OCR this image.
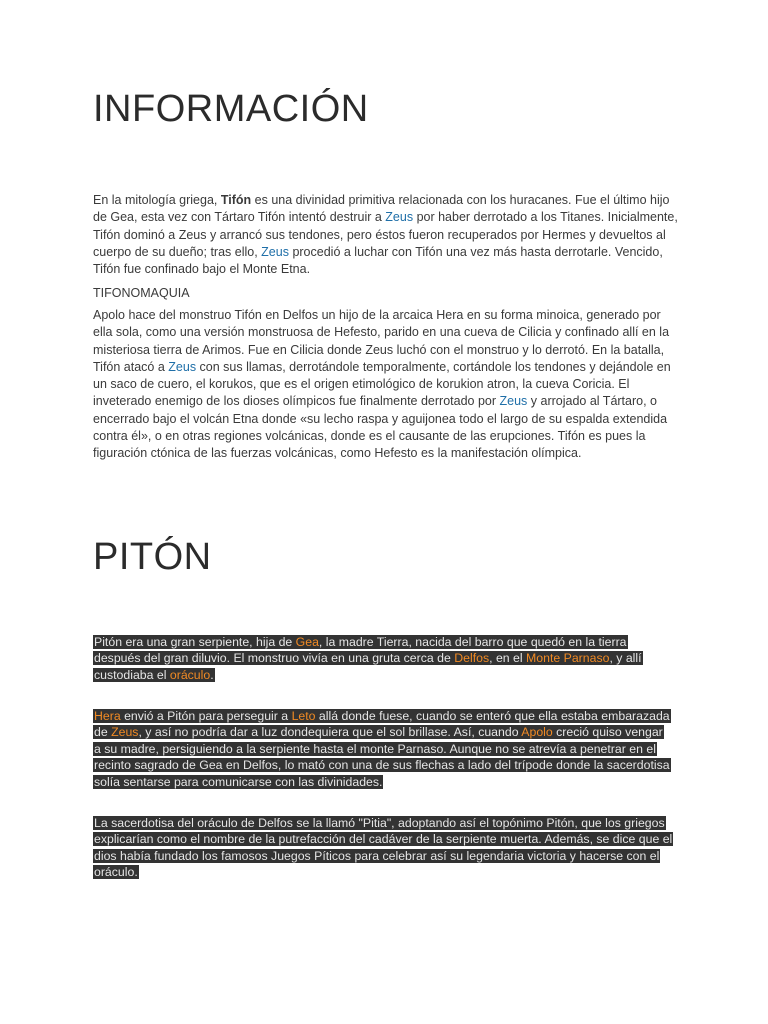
INFORMACIÓN

En la mitología griega, Tifón es una divinidad primitiva relacionada con los huracanes. Fue el último hijo de Gea, esta vez con Tártaro Tifón intentó destruir a Zeus por haber derrotado a los Titanes. Inicialmente, Tifón dominó a Zeus y arrancó sus tendones, pero éstos fueron recuperados por Hermes y devueltos al cuerpo de su dueño; tras ello, Zeus procedió a luchar con Tifón una vez más hasta derrotarle. Vencido, Tifón fue confinado bajo el Monte Etna.

TIFONOMAQUIA

Apolo hace del monstruo Tifón en Delfos un hijo de la arcaica Hera en su forma minoica, generado por ella sola, como una versión monstruosa de Hefesto, parido en una cueva de Cilicia y confinado allí en la misteriosa tierra de Arimos. Fue en Cilicia donde Zeus luchó con el monstruo y lo derrotó. En la batalla, Tifón atacó a Zeus con sus llamas, derrotándole temporalmente, cortándole los tendones y dejándole en un saco de cuero, el korukos, que es el origen etimológico de korukion atron, la cueva Coricia. El inveterado enemigo de los dioses olímpicos fue finalmente derrotado por Zeus y arrojado al Tártaro, o encerrado bajo el volcán Etna donde «su lecho raspa y aguijonea todo el largo de su espalda extendida contra él», o en otras regiones volcánicas, donde es el causante de las erupciones. Tifón es pues la figuración ctónica de las fuerzas volcánicas, como Hefesto es la manifestación olímpica.

PITÓN

Pitón era una gran serpiente, hija de Gea, la madre Tierra, nacida del barro que quedó en la tierra después del gran diluvio. El monstruo vivía en una gruta cerca de Delfos, en el Monte Parnaso, y allí custodiaba el oráculo.

Hera envió a Pitón para perseguir a Leto allá donde fuese, cuando se enteró que ella estaba embarazada de Zeus, y así no podría dar a luz dondequiera que el sol brillase. Así, cuando Apolo creció quiso vengar a su madre, persiguiendo a la serpiente hasta el monte Parnaso. Aunque no se atrevía a penetrar en el recinto sagrado de Gea en Delfos, lo mató con una de sus flechas a lado del trípode donde la sacerdotisa solía sentarse para comunicarse con las divinidades.

La sacerdotisa del oráculo de Delfos se la llamó "Pitia", adoptando así el topónimo Pitón, que los griegos explicarían como el nombre de la putrefacción del cadáver de la serpiente muerta. Además, se dice que el dios había fundado los famosos Juegos Píticos para celebrar así su legendaria victoria y hacerse con el oráculo.
